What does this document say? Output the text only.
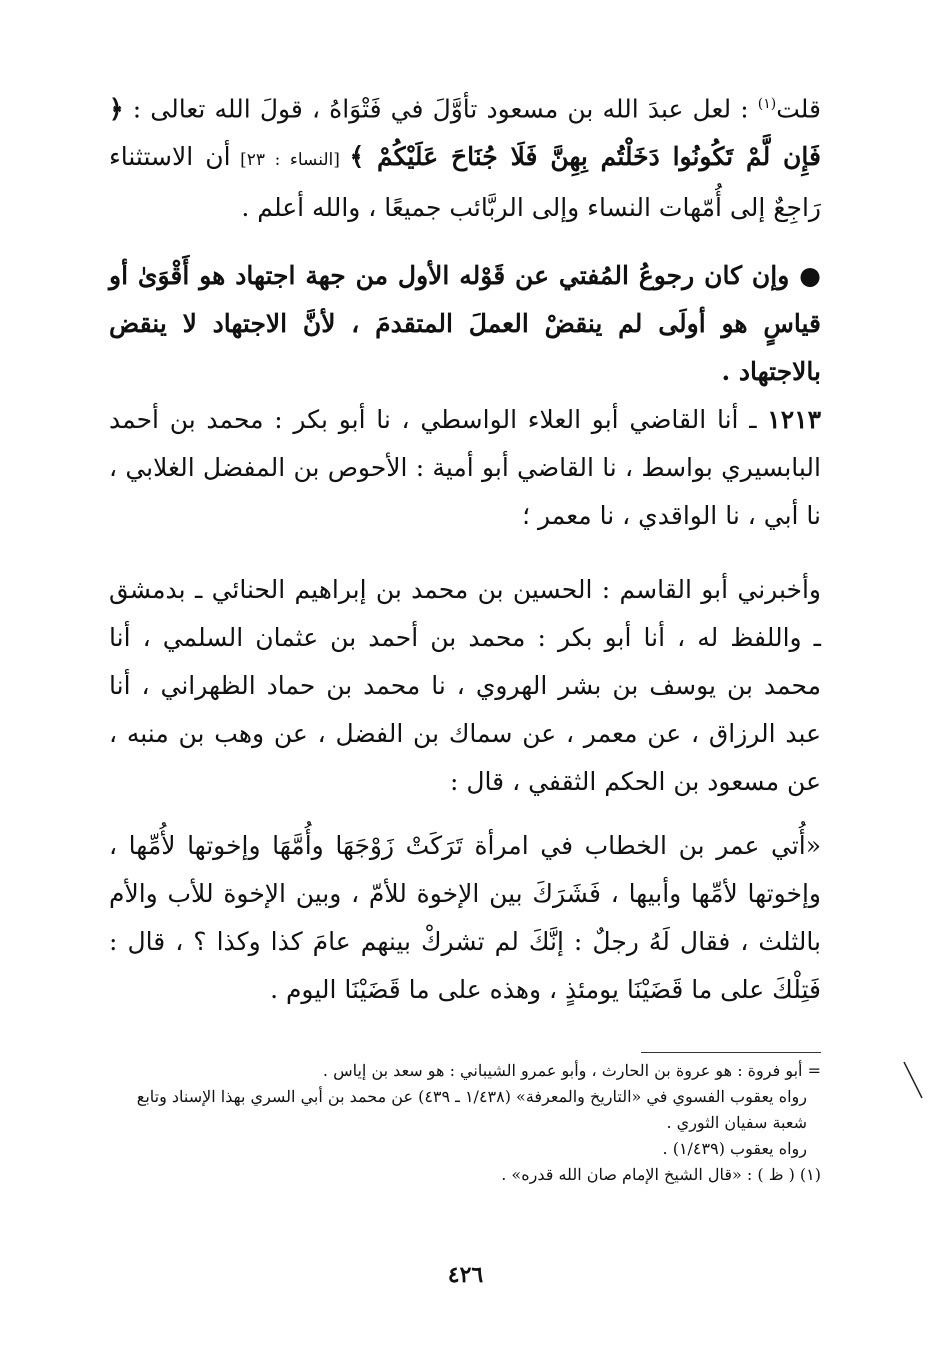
قلت$^{(١)}$ : لعل عبدَ الله بن مسعود تأوَّلَ في فَتْوَاهُ ، قولَ الله تعالى : ﴿ فَإِن لَّمْ تَكُونُوا دَخَلْتُم بِهِنَّ فَلَا جُنَاحَ عَلَيْكُمْ ﴾ [النساء : ٢٣] أن الاستثناء رَاجِعٌ إلى أُمّهات النساء وإلى الربَّائب جميعًا ، والله أعلم .

● وإن كان رجوعُ المُفتي عن قَوْله الأول من جهة اجتهاد هو أَقْوَىٰ أو قياسٍ هو أولَى لم ينقضْ العملَ المتقدمَ ، لأنَّ الاجتهاد لا ينقض بالاجتهاد .

١٢١٣ ـ أنا القاضي أبو العلاء الواسطي ، نا أبو بكر : محمد بن أحمد البابسيري بواسط ، نا القاضي أبو أمية : الأحوص بن المفضل الغلابي ، نا أبي ، نا الواقدي ، نا معمر ؛

وأخبرني أبو القاسم : الحسين بن محمد بن إبراهيم الحنائي ـ بدمشق ـ واللفظ له ، أنا أبو بكر : محمد بن أحمد بن عثمان السلمي ، أنا محمد بن يوسف بن بشر الهروي ، نا محمد بن حماد الظهراني ، أنا عبد الرزاق ، عن معمر ، عن سماك بن الفضل ، عن وهب بن منبه ، عن مسعود بن الحكم الثقفي ، قال :

«أُتي عمر بن الخطاب في امرأة تَرَكَتْ زَوْجَهَا وأُمَّهَا وإخوتها لأُمِّها ، وإخوتها لأمِّها وأبيها ، فَشَرَكَ بين الإخوة للأمّ ، وبين الإخوة للأب والأم بالثلث ، فقال لَهُ رجلٌ : إنَّكَ لم تشركْ بينهم عامَ كذا وكذا ؟ ، قال : فَتِلْكَ على ما قَضَيْنَا يومئذٍ ، وهذه على ما قَضَيْنَا اليوم .

= أبو فروة : هو عروة بن الحارث ، وأبو عمرو الشيباني : هو سعد بن إياس .

رواه يعقوب الفسوي في «التاريخ والمعرفة» (١/٤٣٨ ـ ٤٣٩) عن محمد بن أبي السري بهذا الإسناد وتابع شعبة سفيان الثوري .

رواه يعقوب (١/٤٣٩) .

(١) ( ظ ) : «قال الشيخ الإمام صان الله قدره» .

٤٢٦
